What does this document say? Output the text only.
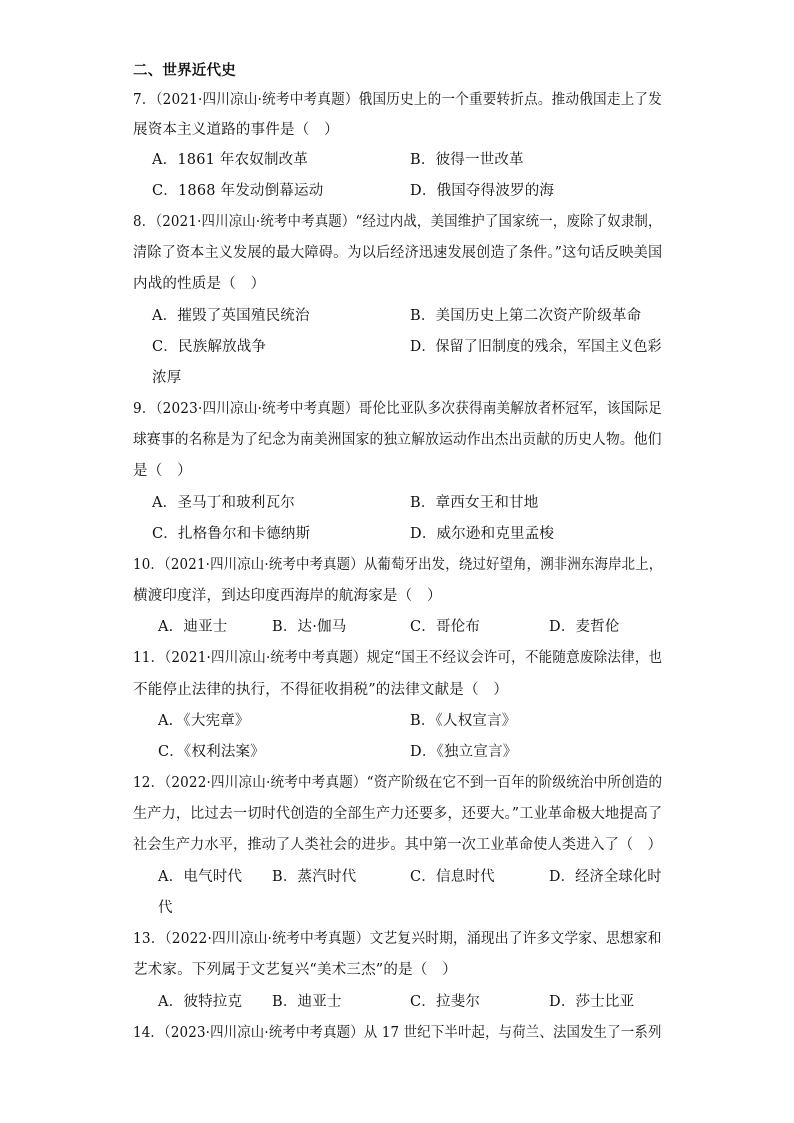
二、世界近代史
7．（2021·四川凉山·统考中考真题）俄国历史上的一个重要转折点。推动俄国走上了发
展资本主义道路的事件是（　）
A．1861 年农奴制改革	B．彼得一世改革
C．1868 年发动倒幕运动	D．俄国夺得波罗的海
8．（2021·四川凉山·统考中考真题）“经过内战，美国维护了国家统一，废除了奴隶制，
清除了资本主义发展的最大障碍。为以后经济迅速发展创造了条件。”这句话反映美国
内战的性质是（　）
A．摧毁了英国殖民统治	B．美国历史上第二次资产阶级革命
C．民族解放战争	D．保留了旧制度的残余，军国主义色彩
浓厚
9．（2023·四川凉山·统考中考真题）哥伦比亚队多次获得南美解放者杯冠军，该国际足
球赛事的名称是为了纪念为南美洲国家的独立解放运动作出杰出贡献的历史人物。他们
是（　）
A．圣马丁和玻利瓦尔	B．章西女王和甘地
C．扎格鲁尔和卡德纳斯	D．威尔逊和克里孟梭
10．（2021·四川凉山·统考中考真题）从葡萄牙出发，绕过好望角，溯非洲东海岸北上，
横渡印度洋，到达印度西海岸的航海家是（　）
A．迪亚士	B．达·伽马	C．哥伦布	D．麦哲伦
11．（2021·四川凉山·统考中考真题）规定“国王不经议会许可，不能随意废除法律，也
不能停止法律的执行，不得征收捐税”的法律文献是（　）
A．《大宪章》	B．《人权宣言》
C．《权利法案》	D．《独立宣言》
12．（2022·四川凉山·统考中考真题）“资产阶级在它不到一百年的阶级统治中所创造的
生产力，比过去一切时代创造的全部生产力还要多，还要大。”工业革命极大地提高了
社会生产力水平，推动了人类社会的进步。其中第一次工业革命使人类进入了（　）
A．电气时代 B．蒸汽时代	C．信息时代	D．经济全球化时
代
13．（2022·四川凉山·统考中考真题）文艺复兴时期，涌现出了许多文学家、思想家和
艺术家。下列属于文艺复兴“美术三杰”的是（　）
A．彼特拉克 B．迪亚士	C．拉斐尔	D．莎士比亚
14．（2023·四川凉山·统考中考真题）从 17 世纪下半叶起，与荷兰、法国发生了一系列
